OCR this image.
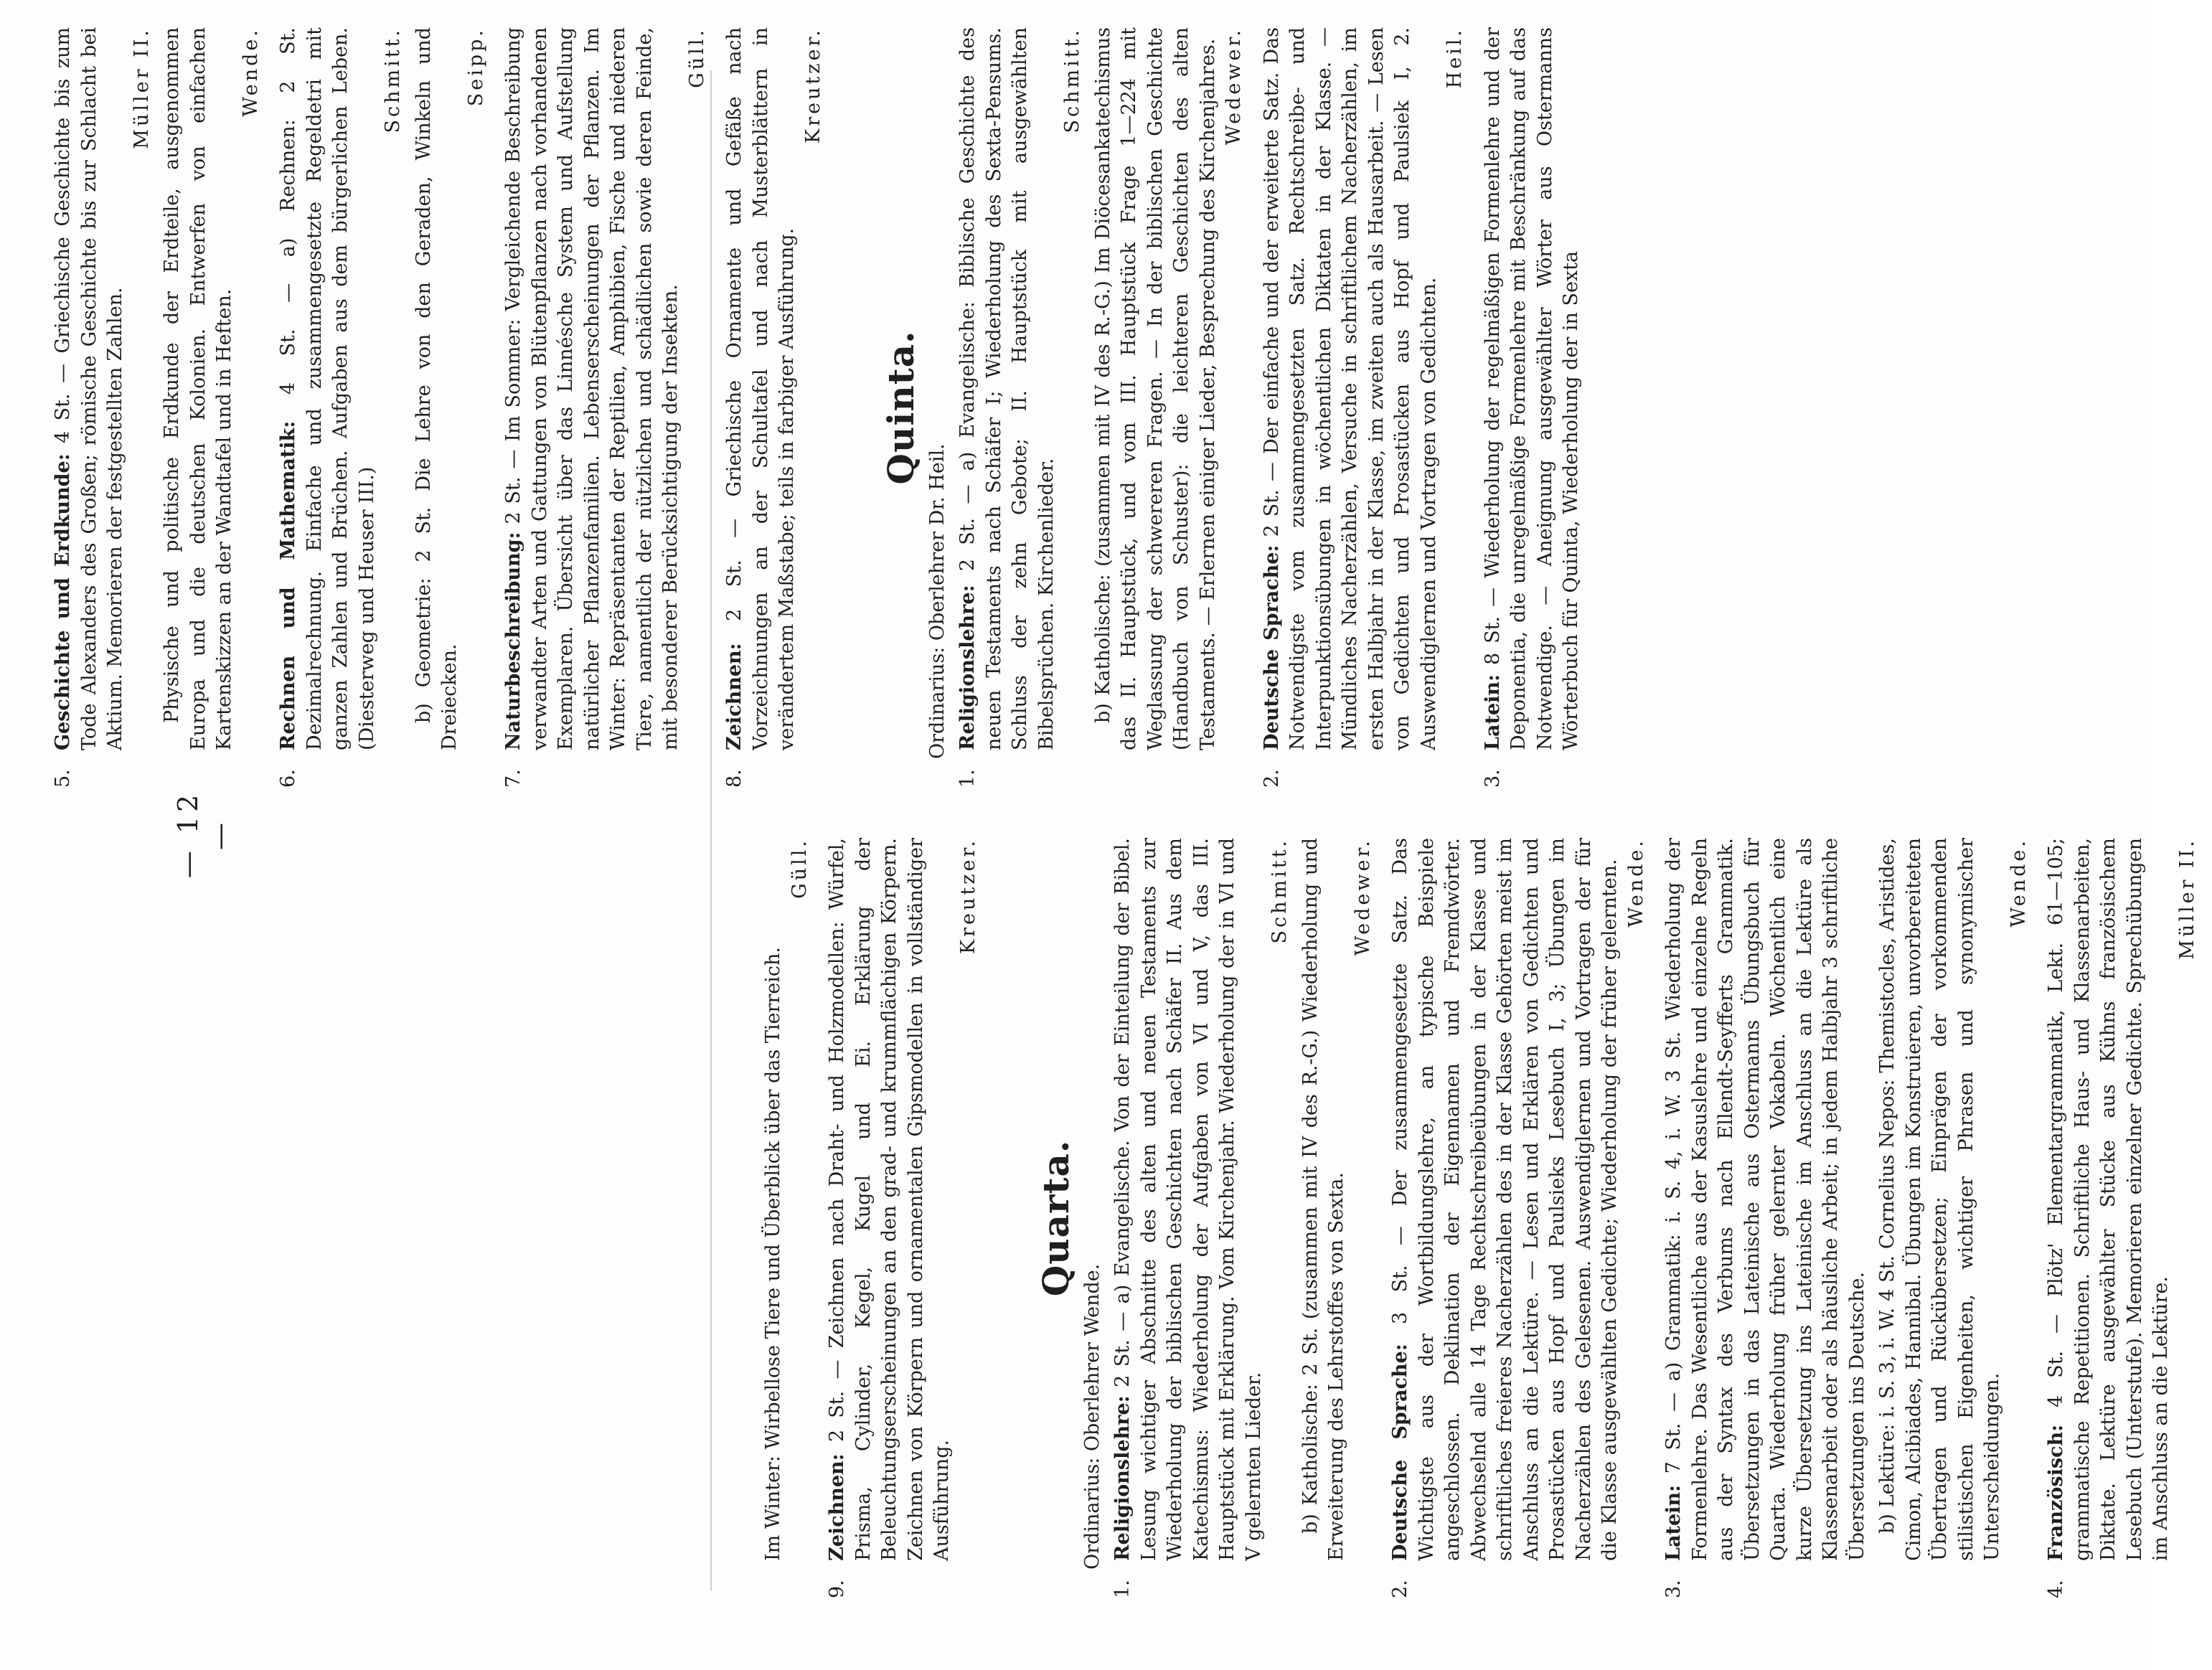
— 12 —
5.

Geschichte und Erdkunde: 4 St. — Griechische Geschichte bis zum Tode Alexanders des Großen; römische Geschichte bis zur Schlacht bei Aktium. Memorieren der festgestellten Zahlen.

Müller II. Physische und politische Erdkunde der Erdteile, ausgenommen Europa und die deutschen Kolonien. Entwerfen von einfachen Kartenskizzen an der Wandtafel und in Heften.

Wende.

6.

Rechnen und Mathematik: 4 St. — a) Rechnen: 2 St. Dezimalrechnung. Einfache und zusammengesetzte Regeldetri mit ganzen Zahlen und Brüchen. Aufgaben aus dem bürgerlichen Leben. (Diesterweg und Heuser III.)

Schmitt. b) Geometrie: 2 St. Die Lehre von den Geraden, Winkeln und Dreiecken.

Seipp.

7.

Naturbeschreibung: 2 St. — Im Sommer: Vergleichende Beschreibung verwandter Arten und Gattungen von Blütenpflanzen nach vorhandenen Exemplaren. Übersicht über das Linnésche System und Aufstellung natürlicher Pflanzenfamilien. Lebenserscheinungen der Pflanzen. Im Winter: Repräsentanten der Reptilien, Amphibien, Fische und niederen Tiere, namentlich der nützlichen und schädlichen sowie deren Feinde, mit besonderer Berücksichtigung der Insekten.

Güll.

8.

Zeichnen: 2 St. — Griechische Ornamente und Gefäße nach Vorzeichnungen an der Schultafel und nach Musterblättern in verändertem Maßstabe; teils in farbiger Ausführung.

Kreutzer.

Quinta.
Ordinarius: Oberlehrer Dr. Heil.
1.

Religionslehre: 2 St. — a) Evangelische: Biblische Geschichte des neuen Testaments nach Schäfer I; Wiederholung des Sexta-Pensums. Schluss der zehn Gebote; II. Hauptstück mit ausgewählten Bibelsprüchen. Kirchenlieder.

Schmitt. b) Katholische: (zusammen mit IV des R.-G.) Im Diöcesankatechismus das II. Hauptstück, und vom III. Hauptstück Frage 1—224 mit Weglassung der schwereren Fragen. — In der biblischen Geschichte (Handbuch von Schuster): die leichteren Geschichten des alten Testaments. — Erlernen einiger Lieder, Besprechung des Kirchenjahres. Wedewer.

2.

Deutsche Sprache: 2 St. — Der einfache und der erweiterte Satz. Das Notwendigste vom zusammengesetzten Satz. Rechtschreibe- und Interpunktionsübungen in wöchentlichen Diktaten in der Klasse. — Mündliches Nacherzählen, Versuche in schriftlichem Nacherzählen, im ersten Halbjahr in der Klasse, im zweiten auch als Hausarbeit. — Lesen von Gedichten und Prosastücken aus Hopf und Paulsiek I, 2. Auswendiglernen und Vortragen von Gedichten.

Heil.

3.

Latein: 8 St. — Wiederholung der regelmäßigen Formenlehre und der Deponentia, die unregelmäßige Formenlehre mit Beschränkung auf das Notwendige. — Aneignung ausgewählter Wörter aus Ostermanns Wörterbuch für Quinta, Wiederholung der in Sexta

Im Winter: Wirbellose Tiere und Überblick über das Tierreich.

Güll.

9.

Zeichnen: 2 St. — Zeichnen nach Draht- und Holzmodellen: Würfel, Prisma, Cylinder, Kegel, Kugel und Ei. Erklärung der Beleuchtungserscheinungen an den grad- und krummflächigen Körpern. Zeichnen von Körpern und ornamentalen Gipsmodellen in vollständiger Ausführung.

Kreutzer.

Quarta.
Ordinarius: Oberlehrer Wende.
1.

Religionslehre: 2 St. — a) Evangelische. Von der Einteilung der Bibel. Lesung wichtiger Abschnitte des alten und neuen Testaments zur Wiederholung der biblischen Geschichten nach Schäfer II. Aus dem Katechismus: Wiederholung der Aufgaben von VI und V, das III. Hauptstück mit Erklärung. Vom Kirchenjahr. Wiederholung der in VI und V gelernten Lieder.

Schmitt. b) Katholische: 2 St. (zusammen mit IV des R.-G.) Wiederholung und Erweiterung des Lehrstoffes von Sexta.

Wedewer.

2.

Deutsche Sprache: 3 St. — Der zusammengesetzte Satz. Das Wichtigste aus der Wortbildungslehre, an typische Beispiele angeschlossen. Deklination der Eigennamen und Fremdwörter. Abwechselnd alle 14 Tage Rechtschreibeübungen in der Klasse und schriftliches freieres Nacherzählen des in der Klasse Gehörten meist im Anschluss an die Lektüre. — Lesen und Erklären von Gedichten und Prosastücken aus Hopf und Paulsieks Lesebuch I, 3; Übungen im Nacherzählen des Gelesenen. Auswendiglernen und Vortragen der für die Klasse ausgewählten Gedichte; Wiederholung der früher gelernten. Wende.

3.

Latein: 7 St. — a) Grammatik: i. S. 4, i. W. 3 St. Wiederholung der Formenlehre. Das Wesentliche aus der Kasuslehre und einzelne Regeln aus der Syntax des Verbums nach Ellendt-Seyfferts Grammatik. Übersetzungen in das Lateinische aus Ostermanns Übungsbuch für Quarta. Wiederholung früher gelernter Vokabeln. Wöchentlich eine kurze Übersetzung ins Lateinische im Anschluss an die Lektüre als Klassenarbeit oder als häusliche Arbeit; in jedem Halbjahr 3 schriftliche Übersetzungen ins Deutsche. b) Lektüre: i. S. 3, i. W. 4 St. Cornelius Nepos: Themistocles, Aristides, Cimon, Alcibiades, Hannibal. Übungen im Konstruieren, unvorbereiteten Übertragen und Rückübersetzen; Einprägen der vorkommenden stilistischen Eigenheiten, wichtiger Phrasen und synonymischer Unterscheidungen.

Wende.

4.

Französisch: 4 St. — Plötz' Elementargrammatik, Lekt. 61—105; grammatische Repetitionen. Schriftliche Haus- und Klassenarbeiten, Diktate. Lektüre ausgewählter Stücke aus Kühns französischem Lesebuch (Unterstufe). Memorieren einzelner Gedichte. Sprechübungen im Anschluss an die Lektüre.

Müller II.
